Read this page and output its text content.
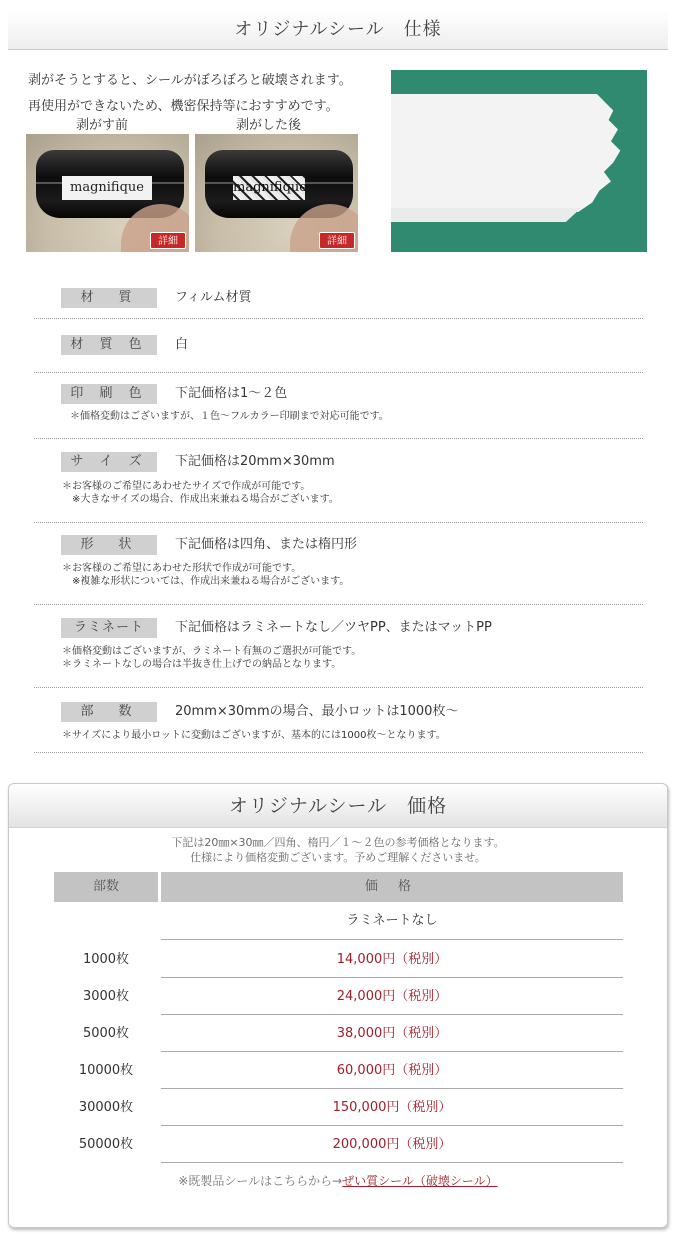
オリジナルシール　仕様
剥がそうとすると、シールがぼろぼろと破壊されます。
再使用ができないため、機密保持等におすすめです。
剥がす前	剥がした後
magnifique	magnifique
詳細	詳細
材　質	フィルム材質
材 質 色	白
印 刷 色	下記価格は1～２色
＊価格変動はございますが、１色～フルカラー印刷まで対応可能です。
サ イ ズ	下記価格は20mm×30mm
＊お客様のご希望にあわせたサイズで作成が可能です。
※大きなサイズの場合、作成出来兼ねる場合がございます。
形　状	下記価格は四角、または楕円形
＊お客様のご希望にあわせた形状で作成が可能です。
※複雑な形状については、作成出来兼ねる場合がございます。
ラミネート	下記価格はラミネートなし／ツヤPP、またはマットPP
＊価格変動はございますが、ラミネート有無のご選択が可能です。
＊ラミネートなしの場合は半抜き仕上げでの納品となります。
部　数	20mm×30mmの場合、最小ロットは1000枚～
＊サイズにより最小ロットに変動はございますが、基本的には1000枚～となります。
オリジナルシール　価格
下記は20㎜×30㎜／四角、楕円／１～２色の参考価格となります。
仕様により価格変動ございます。予めご理解くださいませ。
部数	価 格
ラミネートなし
1000枚	14,000円（税別）
3000枚	24,000円（税別）
5000枚	38,000円（税別）
10000枚	60,000円（税別）
30000枚	150,000円（税別）
50000枚	200,000円（税別）
※既製品シールはこちらから→ぜい質シール（破壊シール）
